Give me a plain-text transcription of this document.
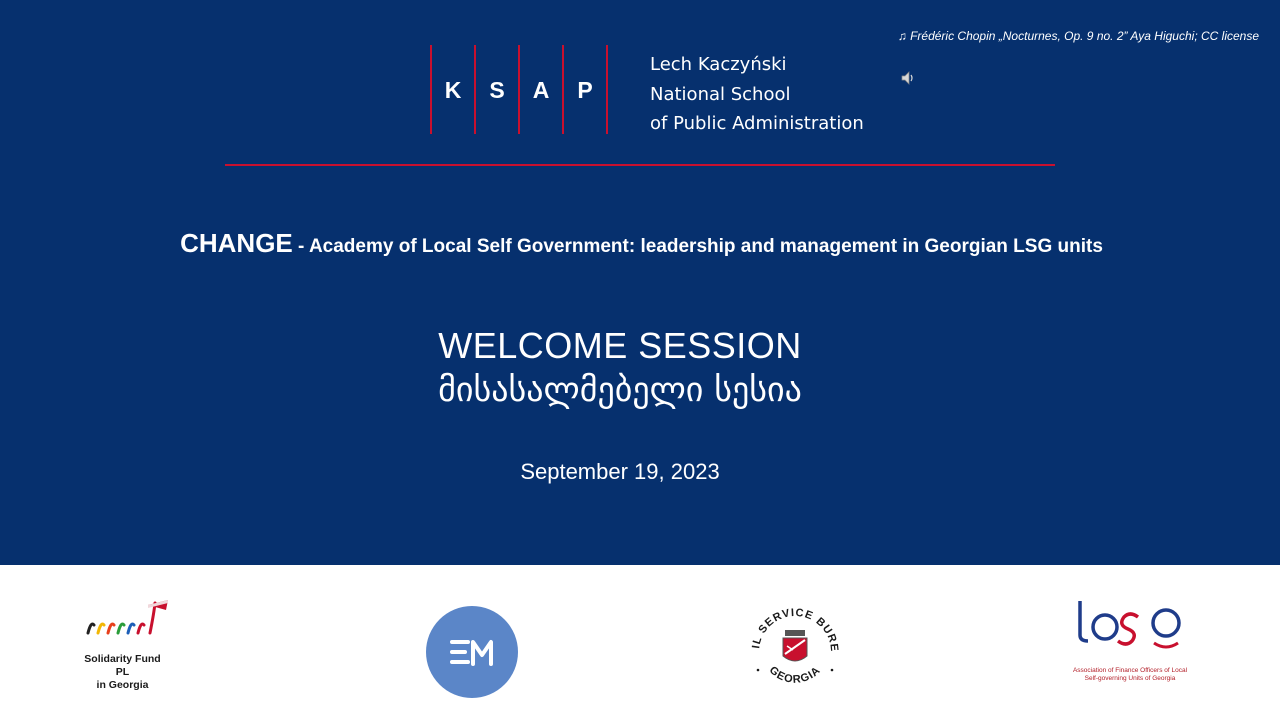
♫ Frédéric Chopin „Nocturnes, Op. 9 no. 2” Aya Higuchi; CC license
K	S	A	P
Lech Kaczyński
National School
of Public Administration
CHANGE - Academy of Local Self Government: leadership and management in Georgian LSG units
WELCOME SESSION
მისასალმებელი სესია
September 19, 2023
Solidarity Fund PL
in Georgia
IL SERVICE BURE
GEORGIA	Association of Finance Officers of Local
Self-governing Units of Georgia
